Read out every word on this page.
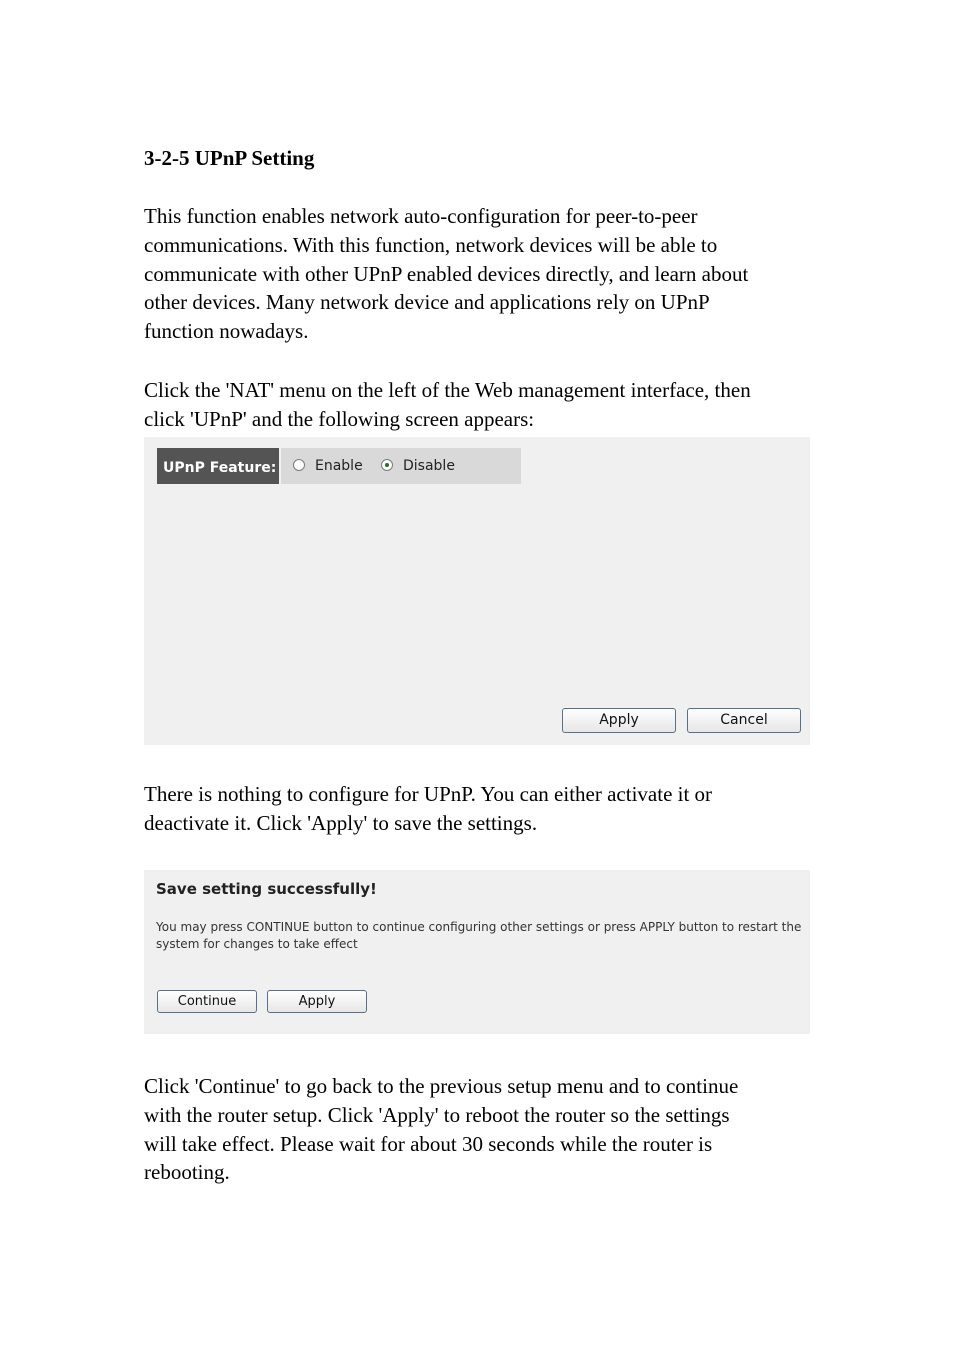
3-2-5 UPnP Setting

This function enables network auto-configuration for peer-to-peer
communications. With this function, network devices will be able to
communicate with other UPnP enabled devices directly, and learn about
other devices. Many network device and applications rely on UPnP
function nowadays.

Click the 'NAT' menu on the left of the Web management interface, then
click 'UPnP' and the following screen appears:

UPnP Feature:	Enable	Disable
Apply	Cancel

There is nothing to configure for UPnP. You can either activate it or
deactivate it. Click 'Apply' to save the settings.

Save setting successfully!
You may press CONTINUE button to continue configuring other settings or press APPLY button to restart the
system for changes to take effect
Continue	Apply

Click 'Continue' to go back to the previous setup menu and to continue
with the router setup. Click 'Apply' to reboot the router so the settings
will take effect. Please wait for about 30 seconds while the router is
rebooting.
